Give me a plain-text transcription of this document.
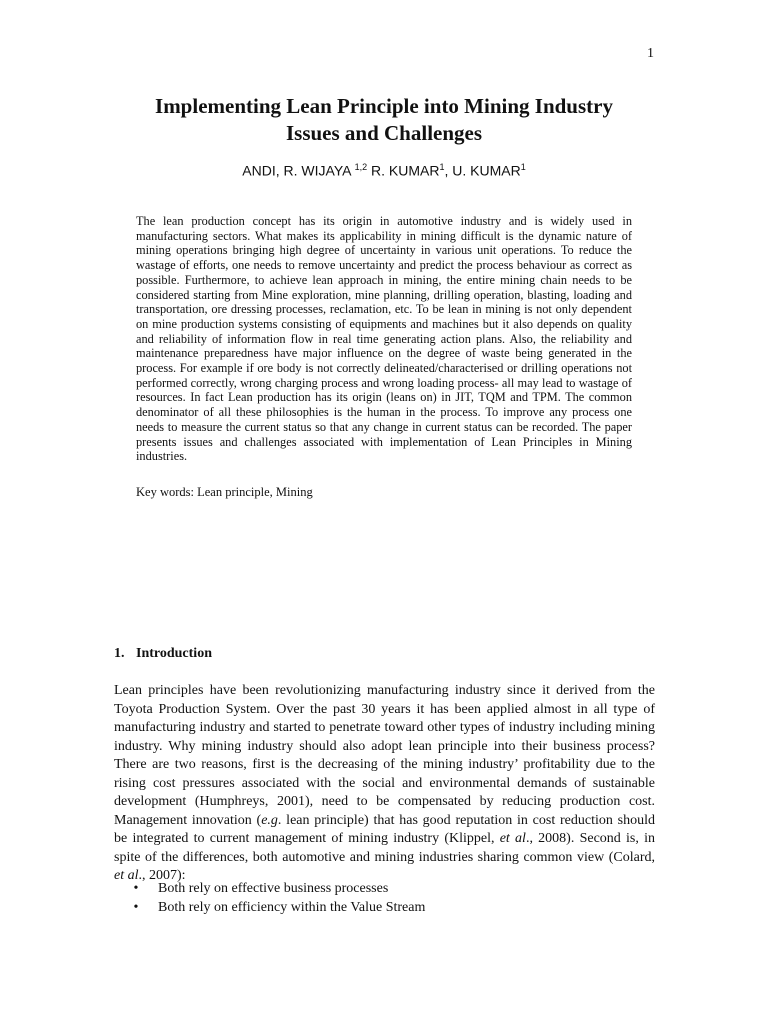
1
Implementing Lean Principle into Mining Industry
Issues and Challenges
ANDI, R. WIJAYA $^{1,2}$ R. KUMAR$^1$, U. KUMAR$^1$
The lean production concept has its origin in automotive industry and is widely used in manufacturing sectors. What makes its applicability in mining difficult is the dynamic nature of mining operations bringing high degree of uncertainty in various unit operations. To reduce the wastage of efforts, one needs to remove uncertainty and predict the process behaviour as correct as possible. Furthermore, to achieve lean approach in mining, the entire mining chain needs to be considered starting from Mine exploration, mine planning, drilling operation, blasting, loading and transportation, ore dressing processes, reclamation, etc. To be lean in mining is not only dependent on mine production systems consisting of equipments and machines but it also depends on quality and reliability of information flow in real time generating action plans. Also, the reliability and maintenance preparedness have major influence on the degree of waste being generated in the process. For example if ore body is not correctly delineated/characterised or drilling operations not performed correctly, wrong charging process and wrong loading process- all may lead to wastage of resources. In fact Lean production has its origin (leans on) in JIT, TQM and TPM. The common denominator of all these philosophies is the human in the process. To improve any process one needs to measure the current status so that any change in current status can be recorded. The paper presents issues and challenges associated with implementation of Lean Principles in Mining industries.
Key words: Lean principle, Mining
1. Introduction
Lean principles have been revolutionizing manufacturing industry since it derived from the Toyota Production System. Over the past 30 years it has been applied almost in all type of manufacturing industry and started to penetrate toward other types of industry including mining industry. Why mining industry should also adopt lean principle into their business process? There are two reasons, first is the decreasing of the mining industry’ profitability due to the rising cost pressures associated with the social and environmental demands of sustainable development (Humphreys, 2001), need to be compensated by reducing production cost. Management innovation (e.g. lean principle) that has good reputation in cost reduction should be integrated to current management of mining industry (Klippel, et al., 2008). Second is, in spite of the differences, both automotive and mining industries sharing common view (Colard, et al., 2007):
• Both rely on effective business processes
• Both rely on efficiency within the Value Stream
